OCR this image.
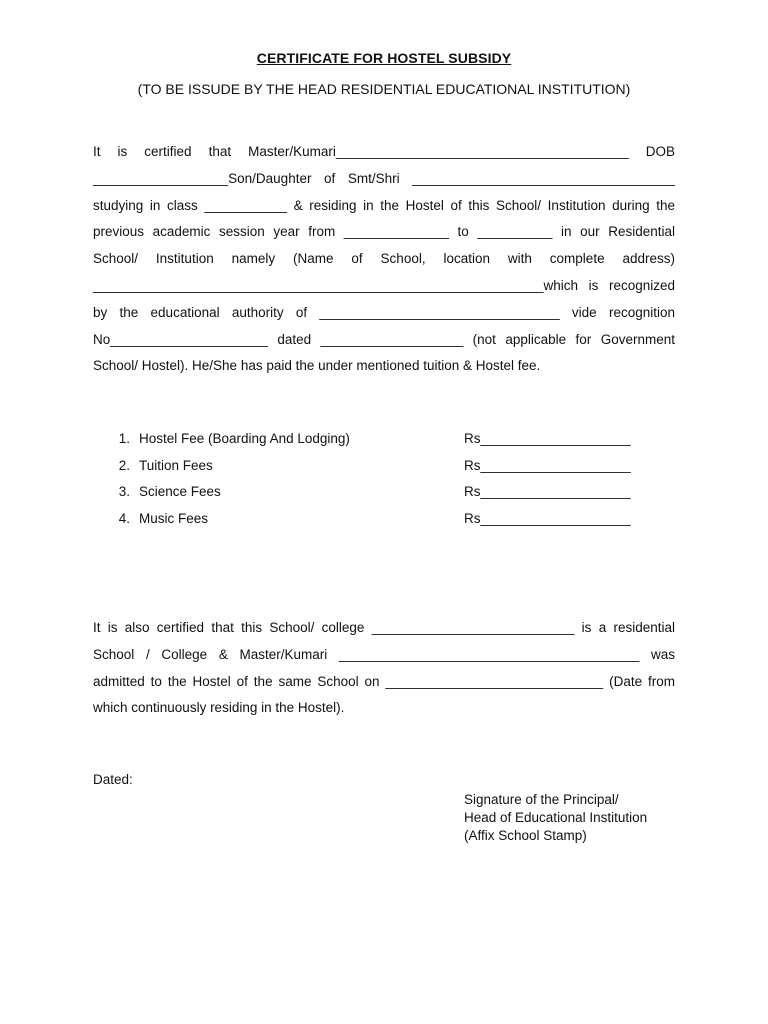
CERTIFICATE FOR HOSTEL SUBSIDY
(TO BE ISSUDE BY THE HEAD RESIDENTIAL EDUCATIONAL INSTITUTION)

It is certified that Master/Kumari_______________________________________ DOB __________________Son/Daughter of Smt/Shri ___________________________________ studying in class ___________ & residing in the Hostel of this School/ Institution during the previous academic session year from ______________ to __________ in our Residential School/ Institution namely (Name of School, location with complete address) ____________________________________________________________which is recognized by the educational authority of ________________________________ vide recognition No_____________________ dated ___________________ (not applicable for Government School/ Hostel). He/She has paid the under mentioned tuition & Hostel fee.

1. Hostel Fee (Boarding And Lodging)	Rs____________________
2. Tuition Fees	Rs____________________
3. Science Fees	Rs____________________
4. Music Fees	Rs____________________

It is also certified that this School/ college ___________________________ is a residential School / College & Master/Kumari ________________________________________ was admitted to the Hostel of the same School on _____________________________ (Date from which continuously residing in the Hostel).

Dated:
Signature of the Principal/
Head of Educational Institution
(Affix School Stamp)
